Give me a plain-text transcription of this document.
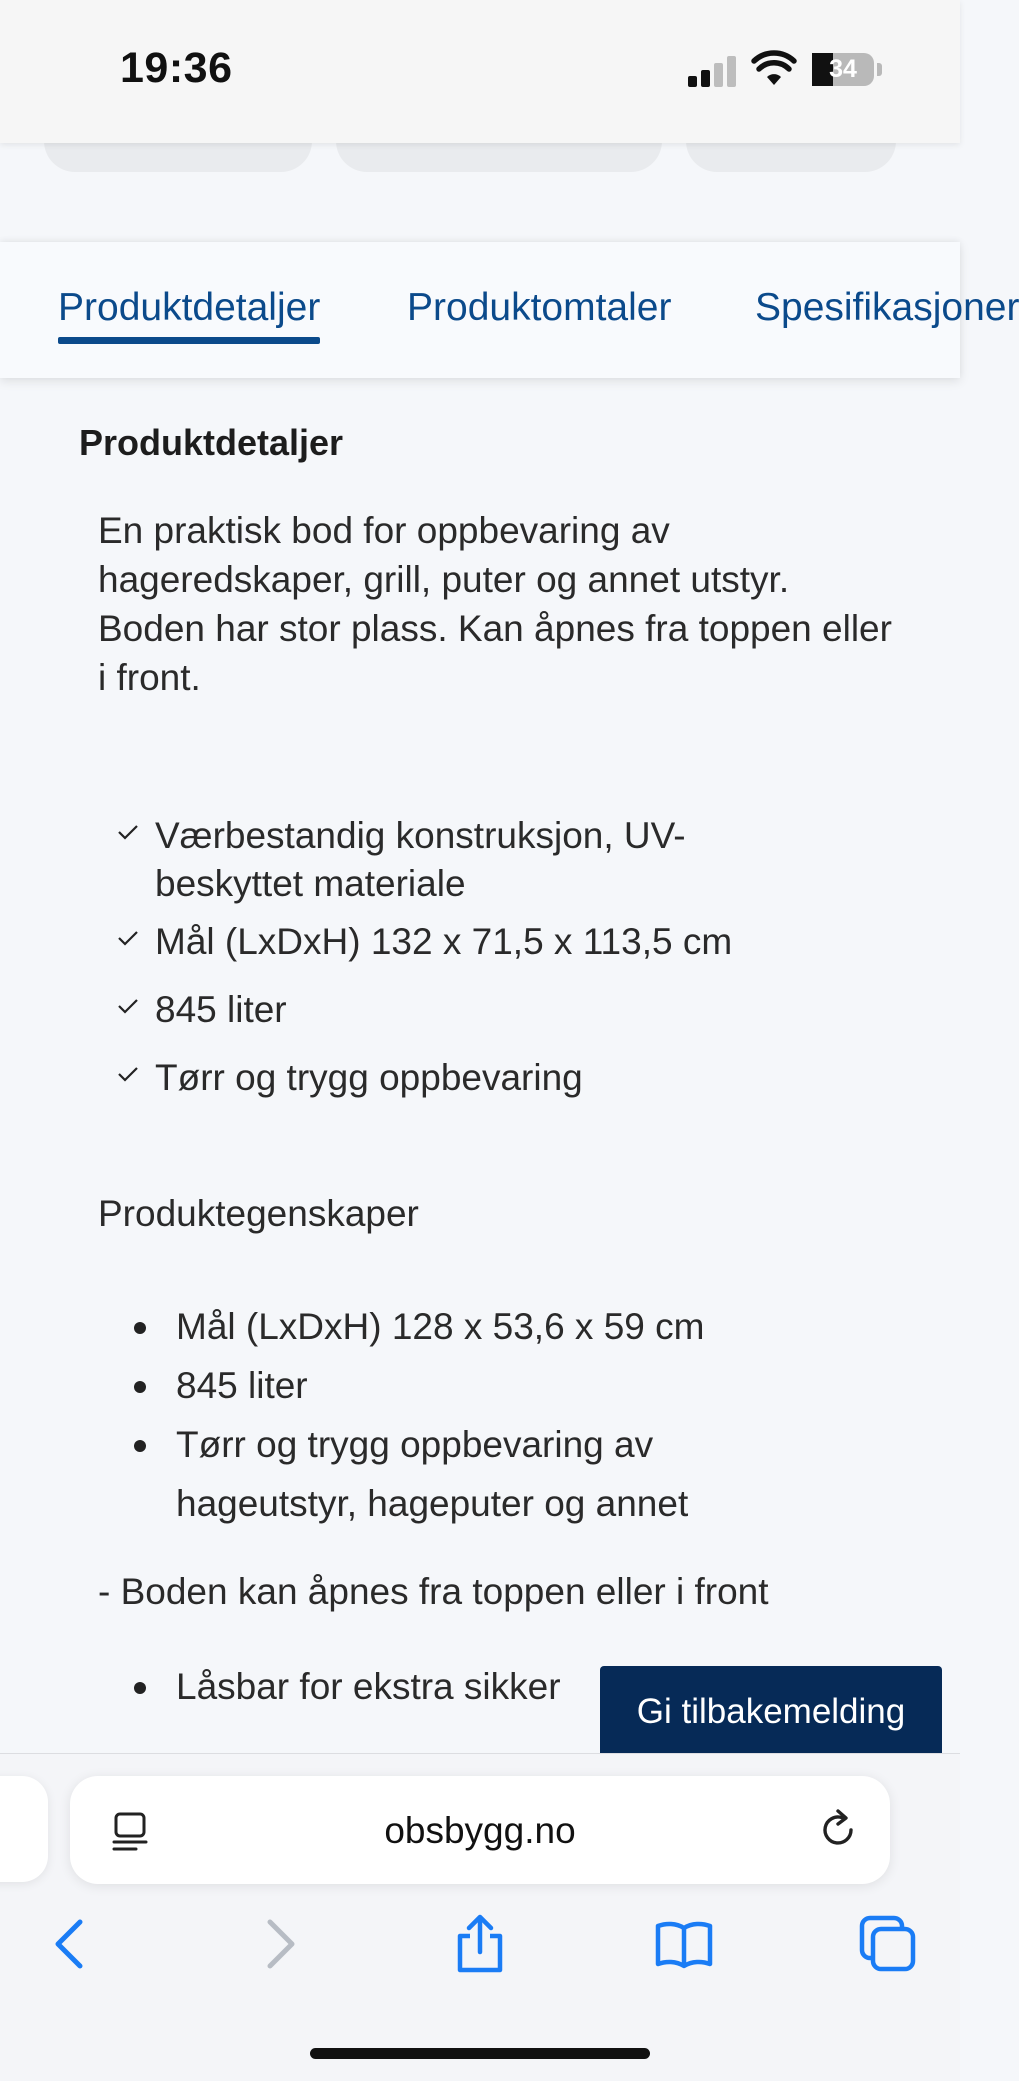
19:36	34
Produktdetaljer Produktomtaler Spesifikasjoner
Produktdetaljer
En praktisk bod for oppbevaring av hageredskaper, grill, puter og annet utstyr. Boden har stor plass. Kan åpnes fra toppen eller i front.
Værbestandig konstruksjon, UV-beskyttet materiale
Mål (LxDxH) 132 x 71,5 x 113,5 cm
845 liter
Tørr og trygg oppbevaring
Produktegenskaper
Mål (LxDxH) 128 x 53,6 x 59 cm
845 liter
Tørr og trygg oppbevaring av hageutstyr, hageputer og annet
- Boden kan åpnes fra toppen eller i front
Låsbar for ekstra sikker
Gi tilbakemelding
obsbygg.no
